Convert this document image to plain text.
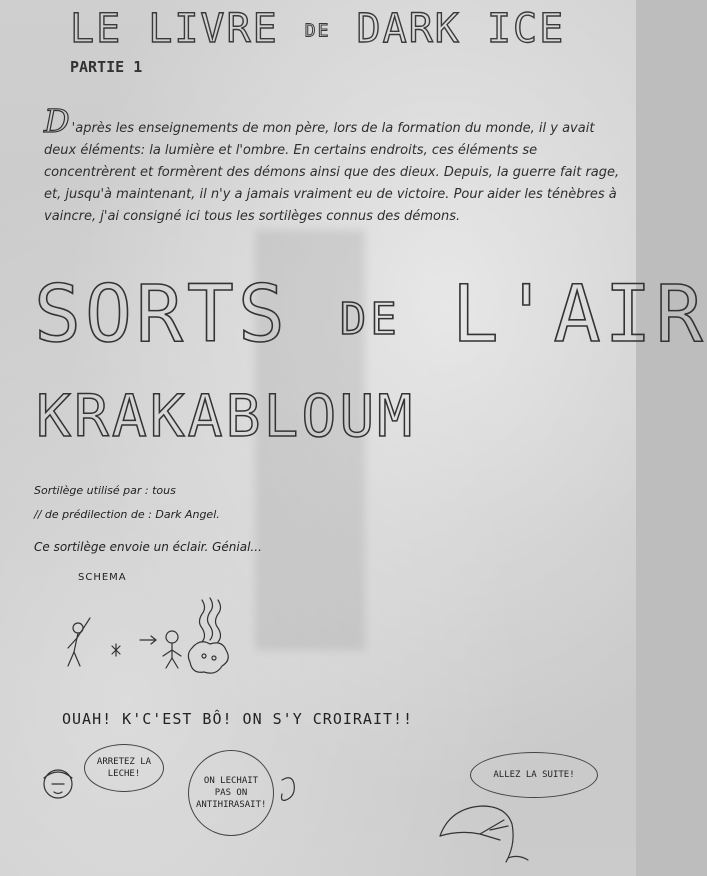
LE LIVRE DE DARK ICE
PARTIE 1
D 'après les enseignements de mon père, lors de la formation du monde, il y avait deux éléments: la lumière et l'ombre. En certains endroits, ces éléments se concentrèrent et formèrent des démons ainsi que des dieux. Depuis, la guerre fait rage, et, jusqu'à maintenant, il n'y a jamais vraiment eu de victoire. Pour aider les ténèbres à vaincre, j'ai consigné ici tous les sortilèges connus des démons.
SORTS DE L'AIR
KRAKABLOUM
Sortilège utilisé par : tous
// de prédilection de : Dark Angel.
Ce sortilège envoie un éclair. Génial...
SCHEMA
OUAH! K'C'EST BÔ! ON S'Y CROIRAIT!!
ARRETEZ LA LECHE!
ON LECHAIT PAS ON ANTIHIRASAIT!
ALLEZ LA SUITE!
